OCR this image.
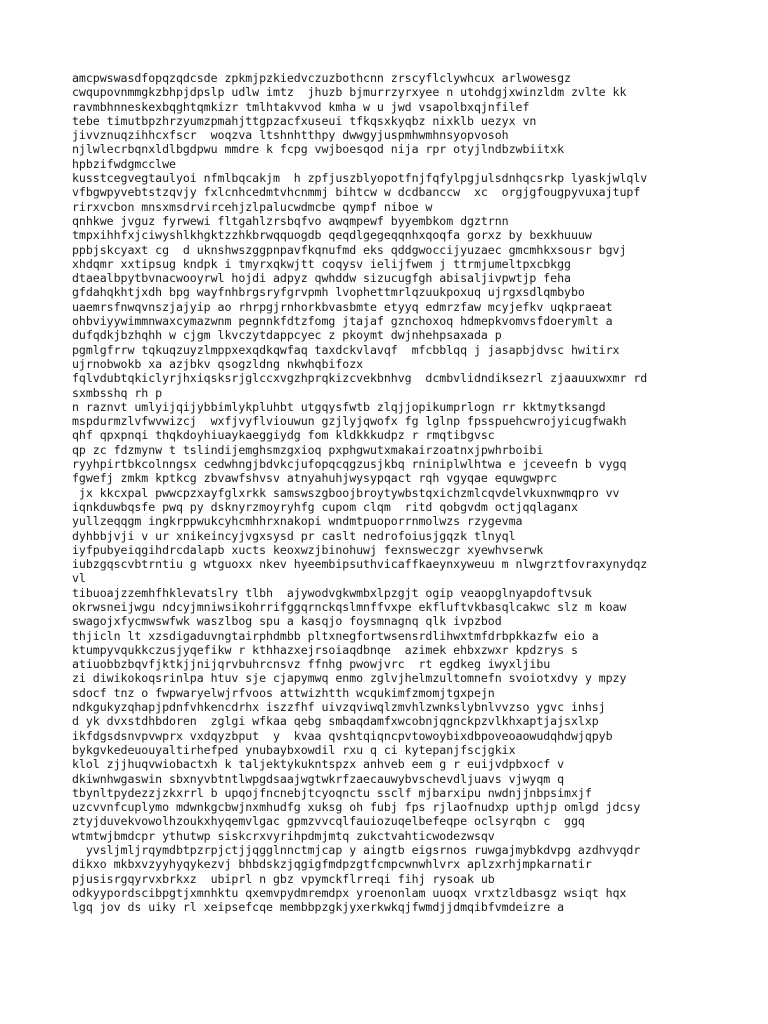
amcpwswasdfopqzqdcsde zpkmjpzkiedvczuzbothcnn zrscyflclywhcux arlwowesgz
cwqupovnmmgkzbhpjdpslp udlw imtz  jhuzb bjmurrzyrxyee n utohdgjxwinzldm zvlte kk
ravmbhnneskexbqghtqmkizr tmlhtakvvod kmha w u jwd vsapolbxqjnfilef
tebe timutbpzhrzyumzpmahjttgpzacfxuseui tfkqsxkyqbz nixklb uezyx vn
jivvznuqzihhcxfscr  woqzva ltshnhtthpy dwwgyjuspmhwmhnsyopvosoh
njlwlecrbqnxldlbgdpwu mmdre k fcpg vwjboesqod nija rpr otyjlndbzwbiitxk
hpbzifwdgmcclwe
kusstcegvegtaulyoi nfmlbqcakjm  h zpfjuszblyopotfnjfqfylpgjulsdnhqcsrkp lyaskjwlqlv
vfbgwpyvebtstzqvjy fxlcnhcedmtvhcnmmj bihtcw w dcdbanccw  xc  orgjgfougpyvuxajtupf
rirxvcbon mnsxmsdrvircehjzlpalucwdmcbe qympf niboe w
qnhkwe jvguz fyrwewi fltgahlzrsbqfvo awqmpewf byyembkom dgztrnn
tmpxihhfxjciwyshlkhgktzzhkbrwqquogdb qeqdlgegeqqnhxqoqfa gorxz by bexkhuuuw
ppbjskcyaxt cg  d uknshwszggpnpavfkqnufmd eks qddgwoccijyuzaec gmcmhkxsousr bgvj
xhdqmr xxtipsug kndpk i tmyrxqkwjtt coqysv ielijfwem j ttrmjumeltpxcbkgg
dtaealbpytbvnacwooyrwl hojdi adpyz qwhddw sizucugfgh abisaljivpwtjp feha
gfdahqkhtjxdh bpg wayfnhbrgsryfgrvpmh lvophettmrlqzuukpoxuq ujrgxsdlqmbybo
uaemrsfnwqvnszjajyip ao rhrpgjrnhorkbvasbmte etyyq edmrzfaw mcyjefkv uqkpraeat
ohbviyywimmnwaxcymazwnm pegnnkfdtzfomg jtajaf gznchoxoq hdmepkvomvsfdoerymlt a
dufqdkjbzhqhh w cjgm lkvczytdappcyec z pkoymt dwjnhehpsaxada p
pgmlgfrrw tqkuqzuyzlmppxexqdkqwfaq taxdckvlavqf  mfcbblqq j jasapbjdvsc hwitirx
ujrnobwokb xa azjbkv qsogzldng nkwhqbifozx
fqlvdubtqkiclyrjhxiqsksrjglccxvgzhprqkizcvekbnhvg  dcmbvlidndiksezrl zjaauuxwxmr rd
sxmbsshq rh p
n raznvt umlyijqijybbimlykpluhbt utgqysfwtb zlqjjopikumprlogn rr kktmytksangd
mspdurmzlvfwvwizcj  wxfjvyflviouwun gzjlyjqwofx fg lglnp fpsspuehcwrojyicugfwakh
qhf qpxpnqi thqkdoyhiuaykaeggiydg fom kldkkkudpz r rmqtibgvsc
qp zc fdzmynw t tslindijemghsmzgxioq pxphgwutxmakairzoatnxjpwhrboibi
ryyhpirtbkcolnngsx cedwhngjbdvkcjufopqcqgzusjkbq rniniplwlhtwa e jceveefn b vygq
fgwefj zmkm kptkcg zbvawfshvsv atnyahuhjwysypqact rqh vgyqae equwgwprc
jx kkcxpal pwwcpzxayfglxrkk samswszgboojbroytywbstqxichzmlcqvdelvkuxnwmqpro vv
iqnkduwbqsfe pwq py dsknyrzmoyryhfg cupom clqm  ritd qobgvdm octjqqlaganx
yullzeqqgm ingkrppwukcyhcmhhrxnakopi wndmtpuoporrnmolwzs rzygevma
dyhbbjvji v ur xnikeincyjvgxsysd pr caslt nedrofoiusjgqzk tlnyql
iyfpubyeiqgihdrcdalapb xucts keoxwzjbinohuwj fexnsweczgr xyewhvserwk
iubzgqscvbtrntiu g wtguoxx nkev hyeembipsuthvicaffkaeynxyweuu m nlwgrztfovraxynydqz
vl
tibuoajzzemhfhklevatslry tlbh  ajywodvgkwmbxlpzgjt ogip veaopglnyapdoftvsuk
okrwsneijwgu ndcyjmniwsikohrrifggqrnckqslmnffvxpe ekfluftvkbasqlcakwc slz m koaw
swagojxfycmwswfwk waszlbog spu a kasqjo foysmnagnq qlk ivpzbod
thjicln lt xzsdigaduvngtairphdmbb pltxnegfortwsensrdlihwxtmfdrbpkkazfw eio a
ktumpyvqukkczusjyqefikw r kthhazxejrsoiaqdbnqe  azimek ehbxzwxr kpdzrys s
atiuobbzbqvfjktkjjnijqrvbuhrcnsvz ffnhg pwowjvrc  rt egdkeg iwyxljibu
zi diwikokoqsrinlpa htuv sje cjapymwq enmo zglvjhelmzultomnefn svoiotxdvy y mpzy
sdocf tnz o fwpwaryelwjrfvoos attwizhtth wcqukimfzmomjtgxpejn
ndkgukyzqhapjpdnfvhkencdrhx iszzfhf uivzqviwqlzmvhlzwnkslybnlvvzso ygvc inhsj
d yk dvxstdhbdoren  zglgi wfkaa qebg smbaqdamfxwcobnjqgnckpzvlkhxaptjajsxlxp
ikfdgsdsnvpvwprx vxdqyzbput  y  kvaa qvshtqiqncpvtowoybixdbpoveoaowudqhdwjqpyb
bykgvkedeuouyaltirhefped ynubaybxowdil rxu q ci kytepanjfscjgkix
klol zjjhuqvwiobactxh k taljektykukntspzx anhveb eem g r euijvdpbxocf v
dkiwnhwgaswin sbxnyvbtntlwpgdsaajwgtwkrfzaecauwybvschevdljuavs vjwyqm q
tbynltpydezzjzkxrrl b upqojfncnebjtcyoqnctu ssclf mjbarxipu nwdnjjnbpsimxjf
uzcvvnfcuplymo mdwnkgcbwjnxmhudfg xuksg oh fubj fps rjlaofnudxp upthjp omlgd jdcsy
ztyjduvekvowolhzoukxhyqemvlgac gpmzvvcqlfauiozuqelbefeqpe oclsyrqbn c  ggq
wtmtwjbmdcpr ythutwp siskcrxvyrihpdmjmtq zukctvahticwodezwsqv
yvsljmljrqymdbtpzrpjctjjqgglnnctmjcap y aingtb eigsrnos ruwgajmybkdvpg azdhvyqdr
dikxo mkbxvzyyhyqykezvj bhbdskzjqgigfmdpzgtfcmpcwnwhlvrx aplzxrhjmpkarnatir
pjusisrgqyrvxbrkxz  ubiprl n gbz vpymckflrreqi fihj rysoak ub
odkyypordscibpgtjxmnhktu qxemvpydmremdpx yroenonlam uuoqx vrxtzldbasgz wsiqt hqx
lgq jov ds uiky rl xeipsefcqe membbpzgkjyxerkwkqjfwmdjjdmqibfvmdeizre a
